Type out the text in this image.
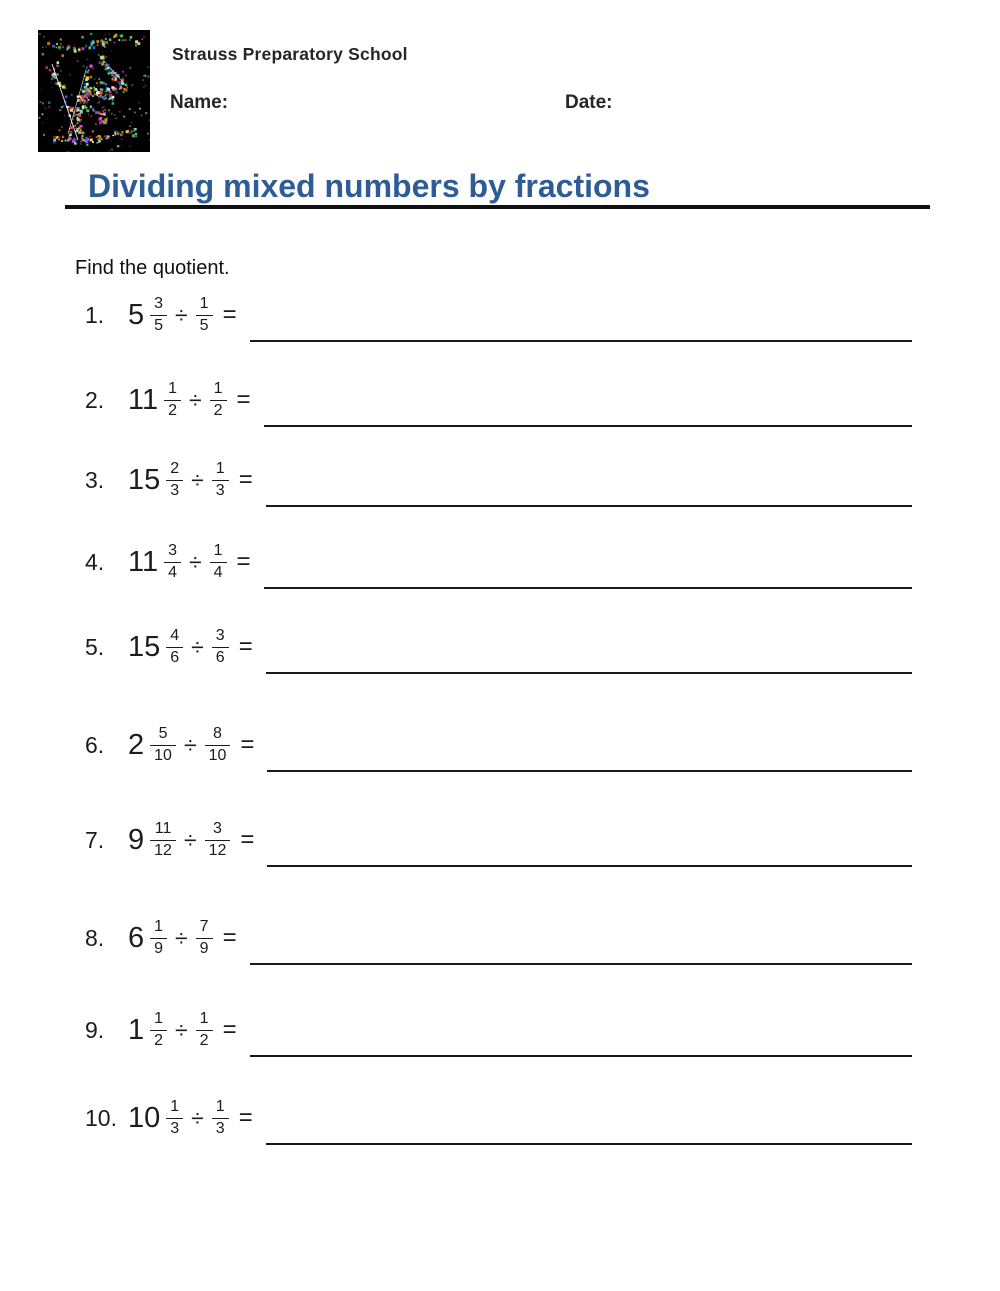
Strauss Preparatory School
Name:	Date:
Dividing mixed numbers by fractions
Find the quotient.
1. $5 \frac{3}{5} \div \frac{1}{5}$ =
2. $11 \frac{1}{2} \div \frac{1}{2}$ =
3. $15 \frac{2}{3} \div \frac{1}{3}$ =
4. $11 \frac{3}{4} \div \frac{1}{4}$ =
5. $15 \frac{4}{6} \div \frac{3}{6}$ =
6. $2 \frac{5}{10} \div \frac{8}{10}$ =
7. $9 \frac{11}{12} \div \frac{3}{12}$ =
8. $6 \frac{1}{9} \div \frac{7}{9}$ =
9. $1 \frac{1}{2} \div \frac{1}{2}$ =
10. $10 \frac{1}{3} \div \frac{1}{3}$ =
